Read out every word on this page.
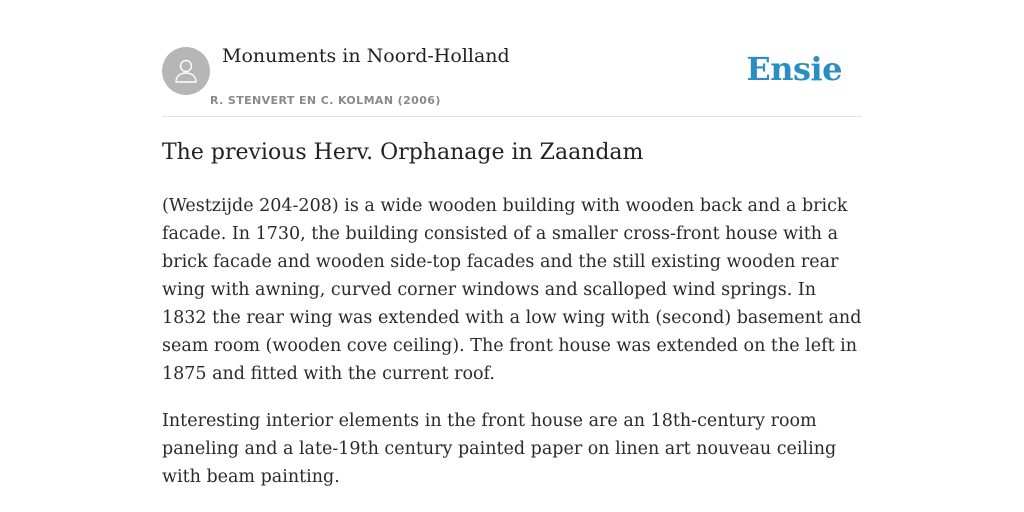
Monuments in Noord-Holland
R. STENVERT EN C. KOLMAN (2006)
Ensie
The previous Herv. Orphanage in Zaandam

(Westzijde 204-208) is a wide wooden building with wooden back and a brick facade. In 1730, the building consisted of a smaller cross-front house with a brick facade and wooden side-top facades and the still existing wooden rear wing with awning, curved corner windows and scalloped wind springs. In 1832 the rear wing was extended with a low wing with (second) basement and seam room (wooden cove ceiling). The front house was extended on the left in 1875 and fitted with the current roof.

Interesting interior elements in the front house are an 18th-century room paneling and a late-19th century painted paper on linen art nouveau ceiling with beam painting.
